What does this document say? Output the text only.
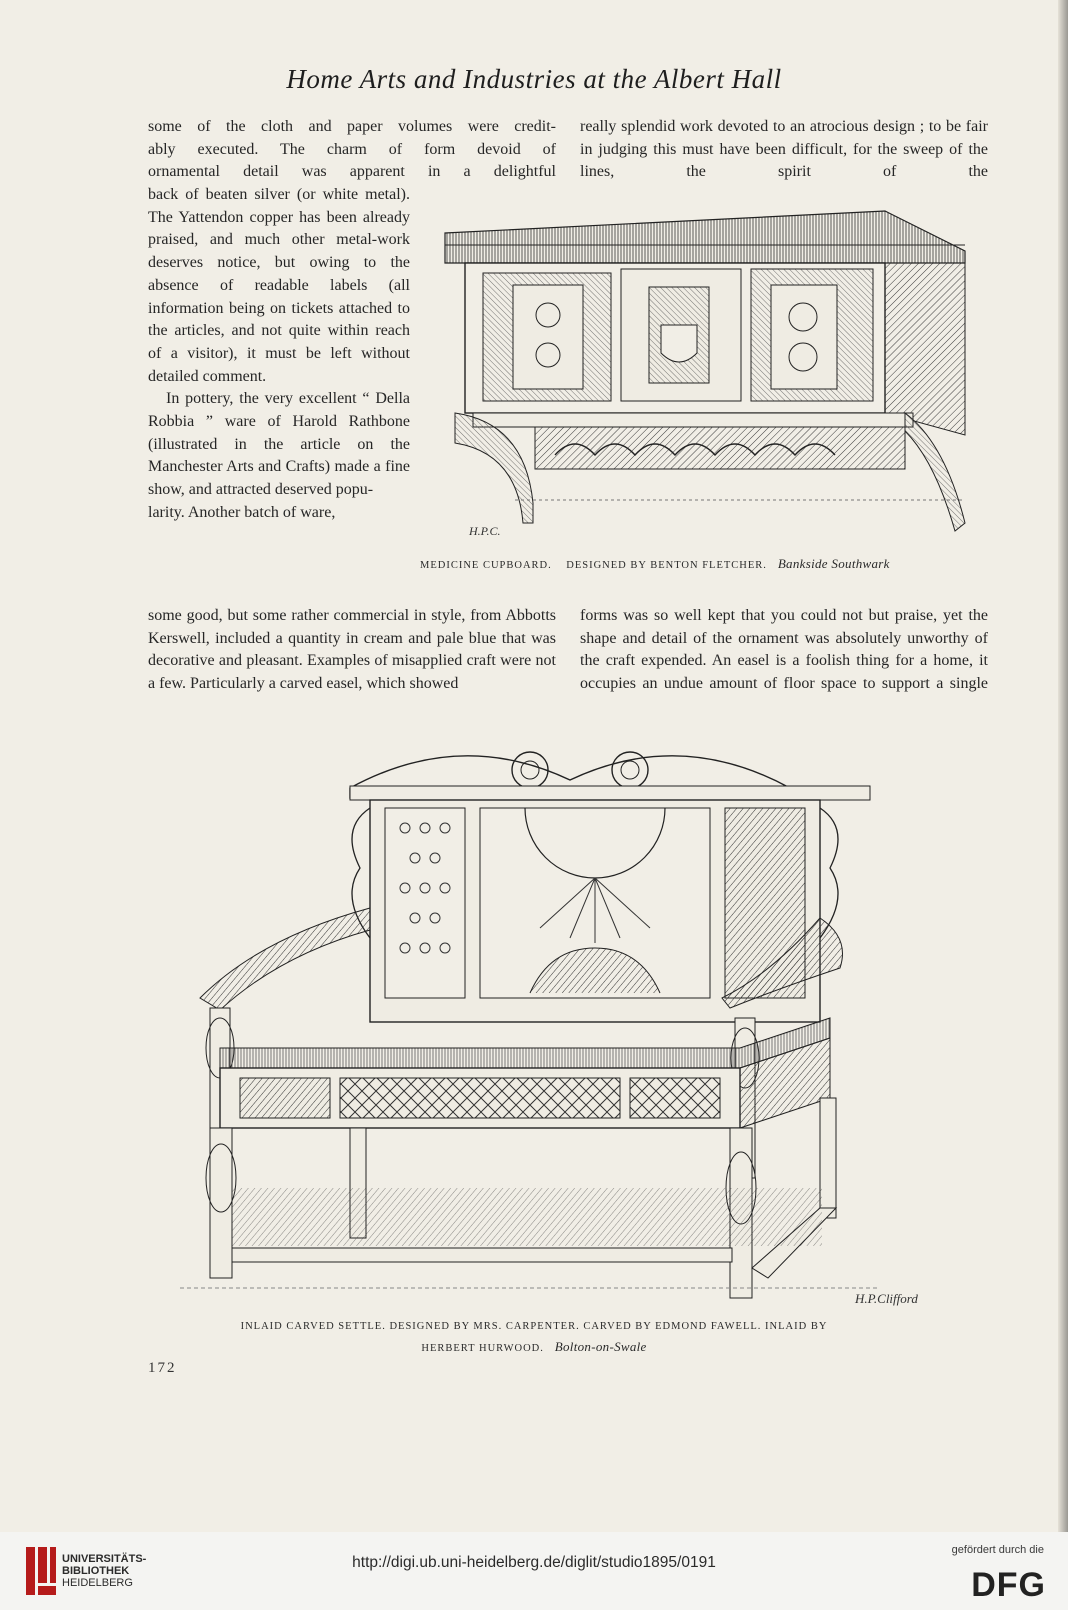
Home Arts and Industries at the Albert Hall

some of the cloth and paper volumes were credit-

ably executed. The charm of form devoid of

ornamental detail was apparent in a delightful

back of beaten silver (or white metal). The Yattendon copper has been already praised, and much other metal-work deserves notice, but owing to the absence of readable labels (all information being on tickets attached to the articles, and not quite within reach of a visitor), it must be left without detailed comment.

In pottery, the very excellent “ Della Robbia ” ware of Harold Rathbone (illustrated in the article on the Manchester Arts and Crafts) made a fine show, and attracted deserved popu-

larity. Another batch of ware,

really splendid work devoted to an atrocious design ; to be fair in judging this must have been difficult, for the sweep of the lines, the spirit of the

H.P.C.
MEDICINE CUPBOARD. DESIGNED BY BENTON FLETCHER. Bankside Southwark

some good, but some rather commercial in style, from Abbotts Kerswell, included a quantity in cream and pale blue that was decorative and pleasant. Examples of misapplied craft were not a few. Particularly a carved easel, which showed

forms was so well kept that you could not but praise, yet the shape and detail of the ornament was absolutely unworthy of the craft expended. An easel is a foolish thing for a home, it occupies an undue amount of floor space to support a single

H.P.Clifford
INLAID CARVED SETTLE. DESIGNED BY MRS. CARPENTER. CARVED BY EDMOND FAWELL. INLAID BY
HERBERT HURWOOD. Bolton-on-Swale
172
UNIVERSITÄTS-
BIBLIOTHEK
HEIDELBERG
http://digi.ub.uni-heidelberg.de/diglit/studio1895/0191
gefördert durch die
DFG
